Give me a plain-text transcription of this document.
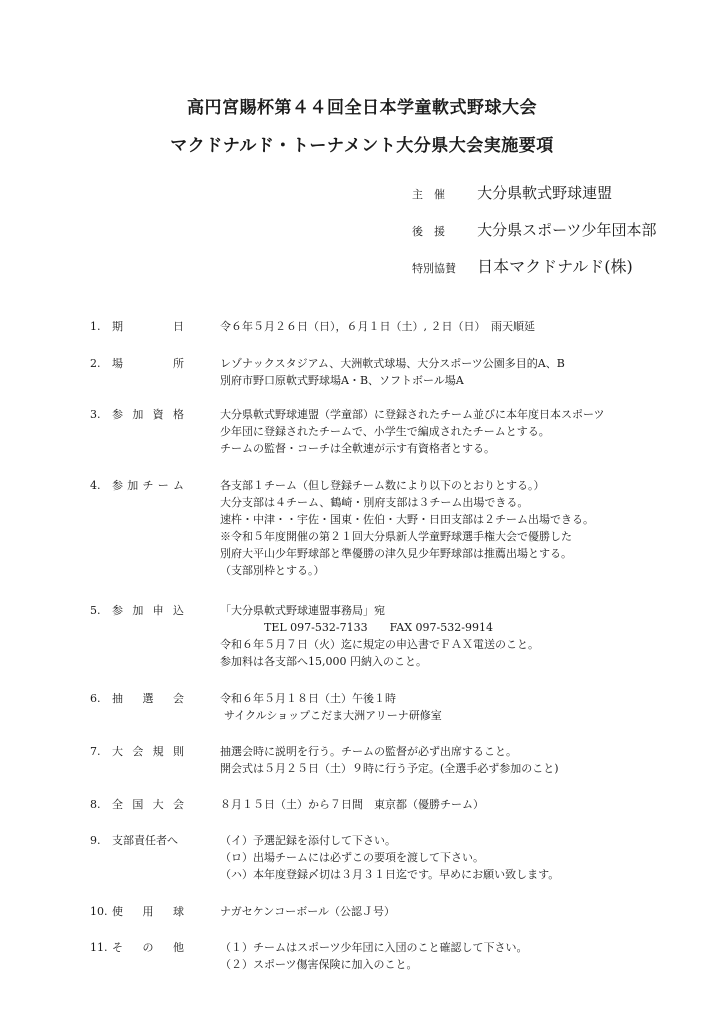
高円宮賜杯第４４回全日本学童軟式野球大会
マクドナルド・トーナメント大分県大会実施要項
主　催 大分県軟式野球連盟
後　援 大分県スポーツ少年団本部
特別協賛 日本マクドナルド(株)
1. 期　日	令６年５月２６日（日），６月１日（土）, ２日（日）　雨天順延
2. 場　所	レゾナックスタジアム、大洲軟式球場、大分スポーツ公園多目的A、B
別府市野口原軟式野球場A・B、ソフトボール場A
3. 参加資格	大分県軟式野球連盟（学童部）に登録されたチーム並びに本年度日本スポーツ
少年団に登録されたチームで、小学生で編成されたチームとする。
チームの監督・コーチは全軟連が示す有資格者とする。
4. 参加チーム	各支部１チーム（但し登録チーム数により以下のとおりとする。）
大分支部は４チーム、鶴崎・別府支部は３チーム出場できる。
速杵・中津・・宇佐・国東・佐伯・大野・日田支部は２チーム出場できる。
※令和５年度開催の第２１回大分県新人学童野球選手権大会で優勝した
別府大平山少年野球部と準優勝の津久見少年野球部は推薦出場とする。
（支部別枠とする。）
5. 参加申込	「大分県軟式野球連盟事務局」宛
　　　　TEL 097-532-7133　　FAX 097-532-9914
令和６年５月７日（火）迄に規定の申込書でＦＡＸ電送のこと。
参加料は各支部へ15,000 円納入のこと。
6. 抽選会	令和６年５月１８日（土）午後１時
サイクルショップこだま大洲アリーナ研修室
7. 大会規則	抽選会時に説明を行う。チームの監督が必ず出席すること。
開会式は５月２５日（土）９時に行う予定。(全選手必ず参加のこと)
8. 全国大会	８月１５日（土）から７日間　東京都（優勝チーム）
9. 支部責任者へ	（イ）予選記録を添付して下さい。
（ロ）出場チームには必ずこの要項を渡して下さい。
（ハ）本年度登録〆切は３月３１日迄です。早めにお願い致します。
10. 使用球	ナガセケンコーボール（公認Ｊ号）
11. その他	（１）チームはスポーツ少年団に入団のこと確認して下さい。
（２）スポーツ傷害保険に加入のこと。
